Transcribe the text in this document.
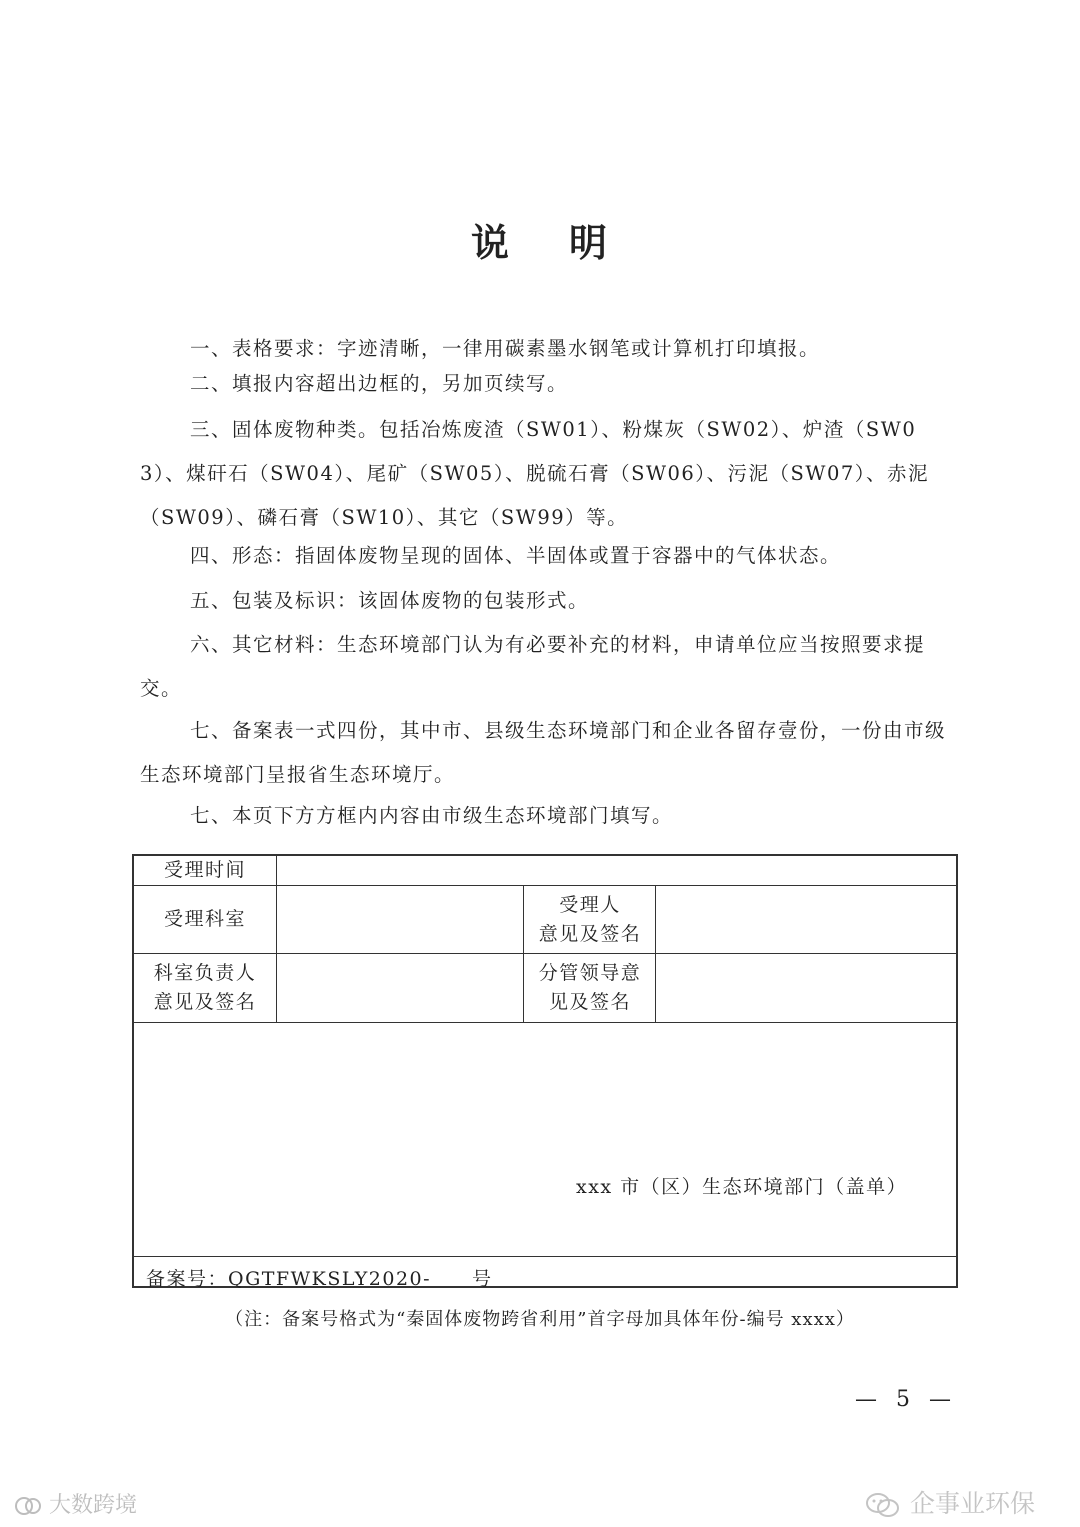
说 明
一、表格要求：字迹清晰，一律用碳素墨水钢笔或计算机打印填报。
二、填报内容超出边框的，另加页续写。
三、固体废物种类。包括冶炼废渣（SW01）、粉煤灰（SW02）、炉渣（SW03）、煤矸石（SW04）、尾矿（SW05）、脱硫石膏（SW06）、污泥（SW07）、赤泥（SW09）、磷石膏（SW10）、其它（SW99）等。
四、形态：指固体废物呈现的固体、半固体或置于容器中的气体状态。
五、包装及标识：该固体废物的包装形式。
六、其它材料：生态环境部门认为有必要补充的材料，申请单位应当按照要求提交。
七、备案表一式四份，其中市、县级生态环境部门和企业各留存壹份，一份由市级生态环境部门呈报省生态环境厅。
七、本页下方方框内内容由市级生态环境部门填写。
受理时间
受理科室
受理人
意见及签名
科室负责人
意见及签名
分管领导意
见及签名
xxx 市（区）生态环境部门（盖单）
备案号：QGTFWKSLY2020- 号
（注：备案号格式为“秦固体废物跨省利用”首字母加具体年份-编号 xxxx）
— 5 —
大数跨境	企事业环保
